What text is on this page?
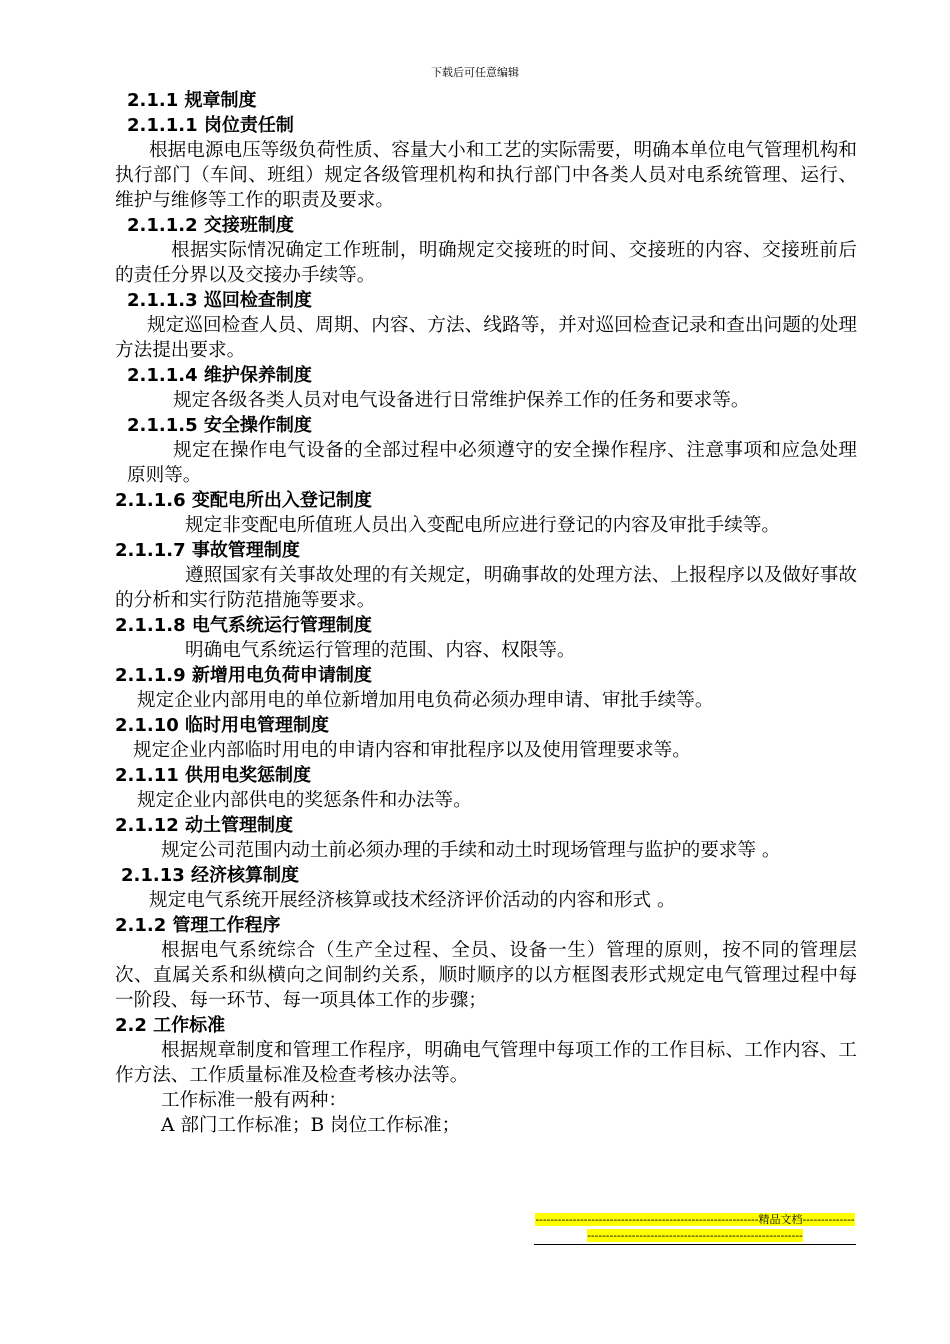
下载后可任意编辑
2.1.1 规章制度
2.1.1.1 岗位责任制

根据电源电压等级负荷性质、容量大小和工艺的实际需要，明确本单位电气管理机构和执行部门（车间、班组）规定各级管理机构和执行部门中各类人员对电系统管理、运行、维护与维修等工作的职责及要求。

2.1.1.2 交接班制度

根据实际情况确定工作班制，明确规定交接班的时间、交接班的内容、交接班前后的责任分界以及交接办手续等。

2.1.1.3 巡回检查制度

规定巡回检查人员、周期、内容、方法、线路等，并对巡回检查记录和查出问题的处理方法提出要求。

2.1.1.4 维护保养制度

规定各级各类人员对电气设备进行日常维护保养工作的任务和要求等。

2.1.1.5 安全操作制度

规定在操作电气设备的全部过程中必须遵守的安全操作程序、注意事项和应急处理原则等。

2.1.1.6 变配电所出入登记制度

规定非变配电所值班人员出入变配电所应进行登记的内容及审批手续等。

2.1.1.7 事故管理制度

遵照国家有关事故处理的有关规定，明确事故的处理方法、上报程序以及做好事故的分析和实行防范措施等要求。

2.1.1.8 电气系统运行管理制度

明确电气系统运行管理的范围、内容、权限等。

2.1.1.9 新增用电负荷申请制度

规定企业内部用电的单位新增加用电负荷必须办理申请、审批手续等。

2.1.10 临时用电管理制度

规定企业内部临时用电的申请内容和审批程序以及使用管理要求等。

2.1.11 供用电奖惩制度

规定企业内部供电的奖惩条件和办法等。

2.1.12 动土管理制度

规定公司范围内动土前必须办理的手续和动土时现场管理与监护的要求等 。

2.1.13 经济核算制度

规定电气系统开展经济核算或技术经济评价活动的内容和形式 。

2.1.2 管理工作程序

根据电气系统综合（生产全过程、全员、设备一生）管理的原则，按不同的管理层次、直属关系和纵横向之间制约关系，顺时顺序的以方框图表形式规定电气管理过程中每一阶段、每一环节、每一项具体工作的步骤；

2.2 工作标准

根据规章制度和管理工作程序，明确电气管理中每项工作的工作目标、工作内容、工作方法、工作质量标准及检查考核办法等。

工作标准一般有两种：

A 部门工作标准；B 岗位工作标准；

------------------------------------------------------------精品文档------------------------------------------------------------------------
